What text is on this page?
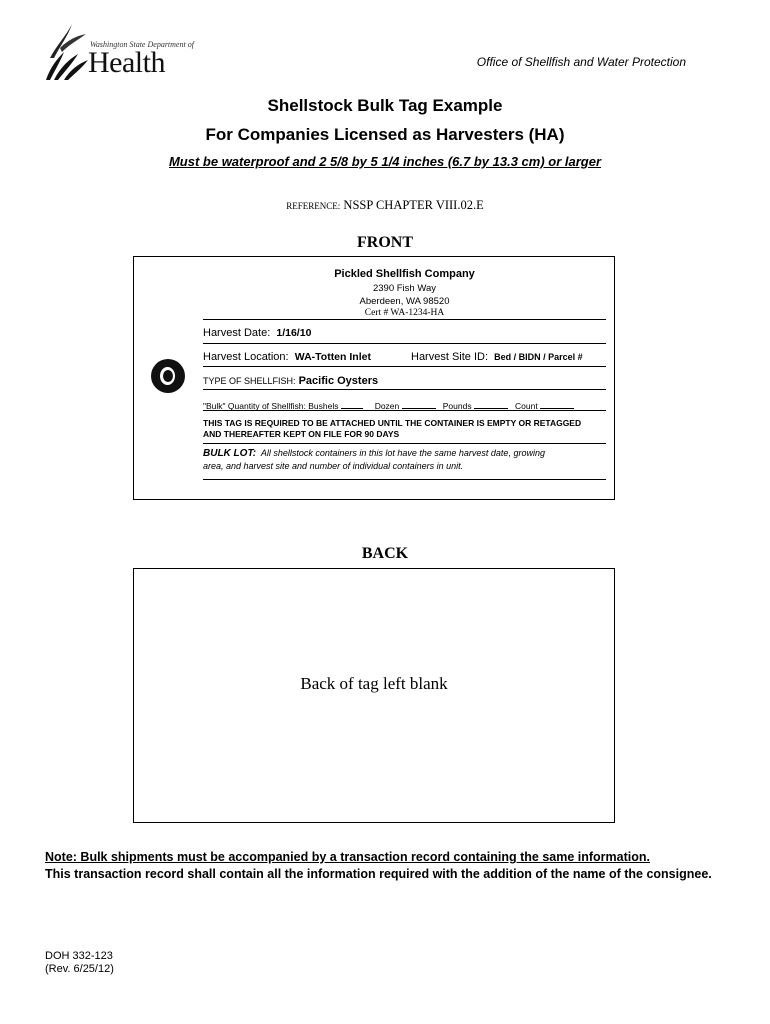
Washington State Department of
Health	Office of Shellfish and Water Protection
Shellstock Bulk Tag Example
For Companies Licensed as Harvesters (HA)
Must be waterproof and 2 5/8 by 5 1/4 inches (6.7 by 13.3 cm) or larger
REFERENCE: NSSP CHAPTER VIII.02.E
FRONT
Pickled Shellfish Company
2390 Fish Way
Aberdeen, WA 98520
Cert # WA-1234-HA
Harvest Date: 1/16/10
Harvest Location: WA-Totten Inlet	Harvest Site ID: Bed / BIDN / Parcel #
TYPE OF SHELLFISH: Pacific Oysters
"Bulk" Quantity of Shellfish: Bushels	Dozen	Pounds	Count
THIS TAG IS REQUIRED TO BE ATTACHED UNTIL THE CONTAINER IS EMPTY OR RETAGGED
AND THEREAFTER KEPT ON FILE FOR 90 DAYS
BULK LOT: All shellstock containers in this lot have the same harvest date, growing
area, and harvest site and number of individual containers in unit.
BACK
Back of tag left blank
Note: Bulk shipments must be accompanied by a transaction record containing the same information.
This transaction record shall contain all the information required with the addition of the name of the consignee.
DOH 332-123
(Rev. 6/25/12)
